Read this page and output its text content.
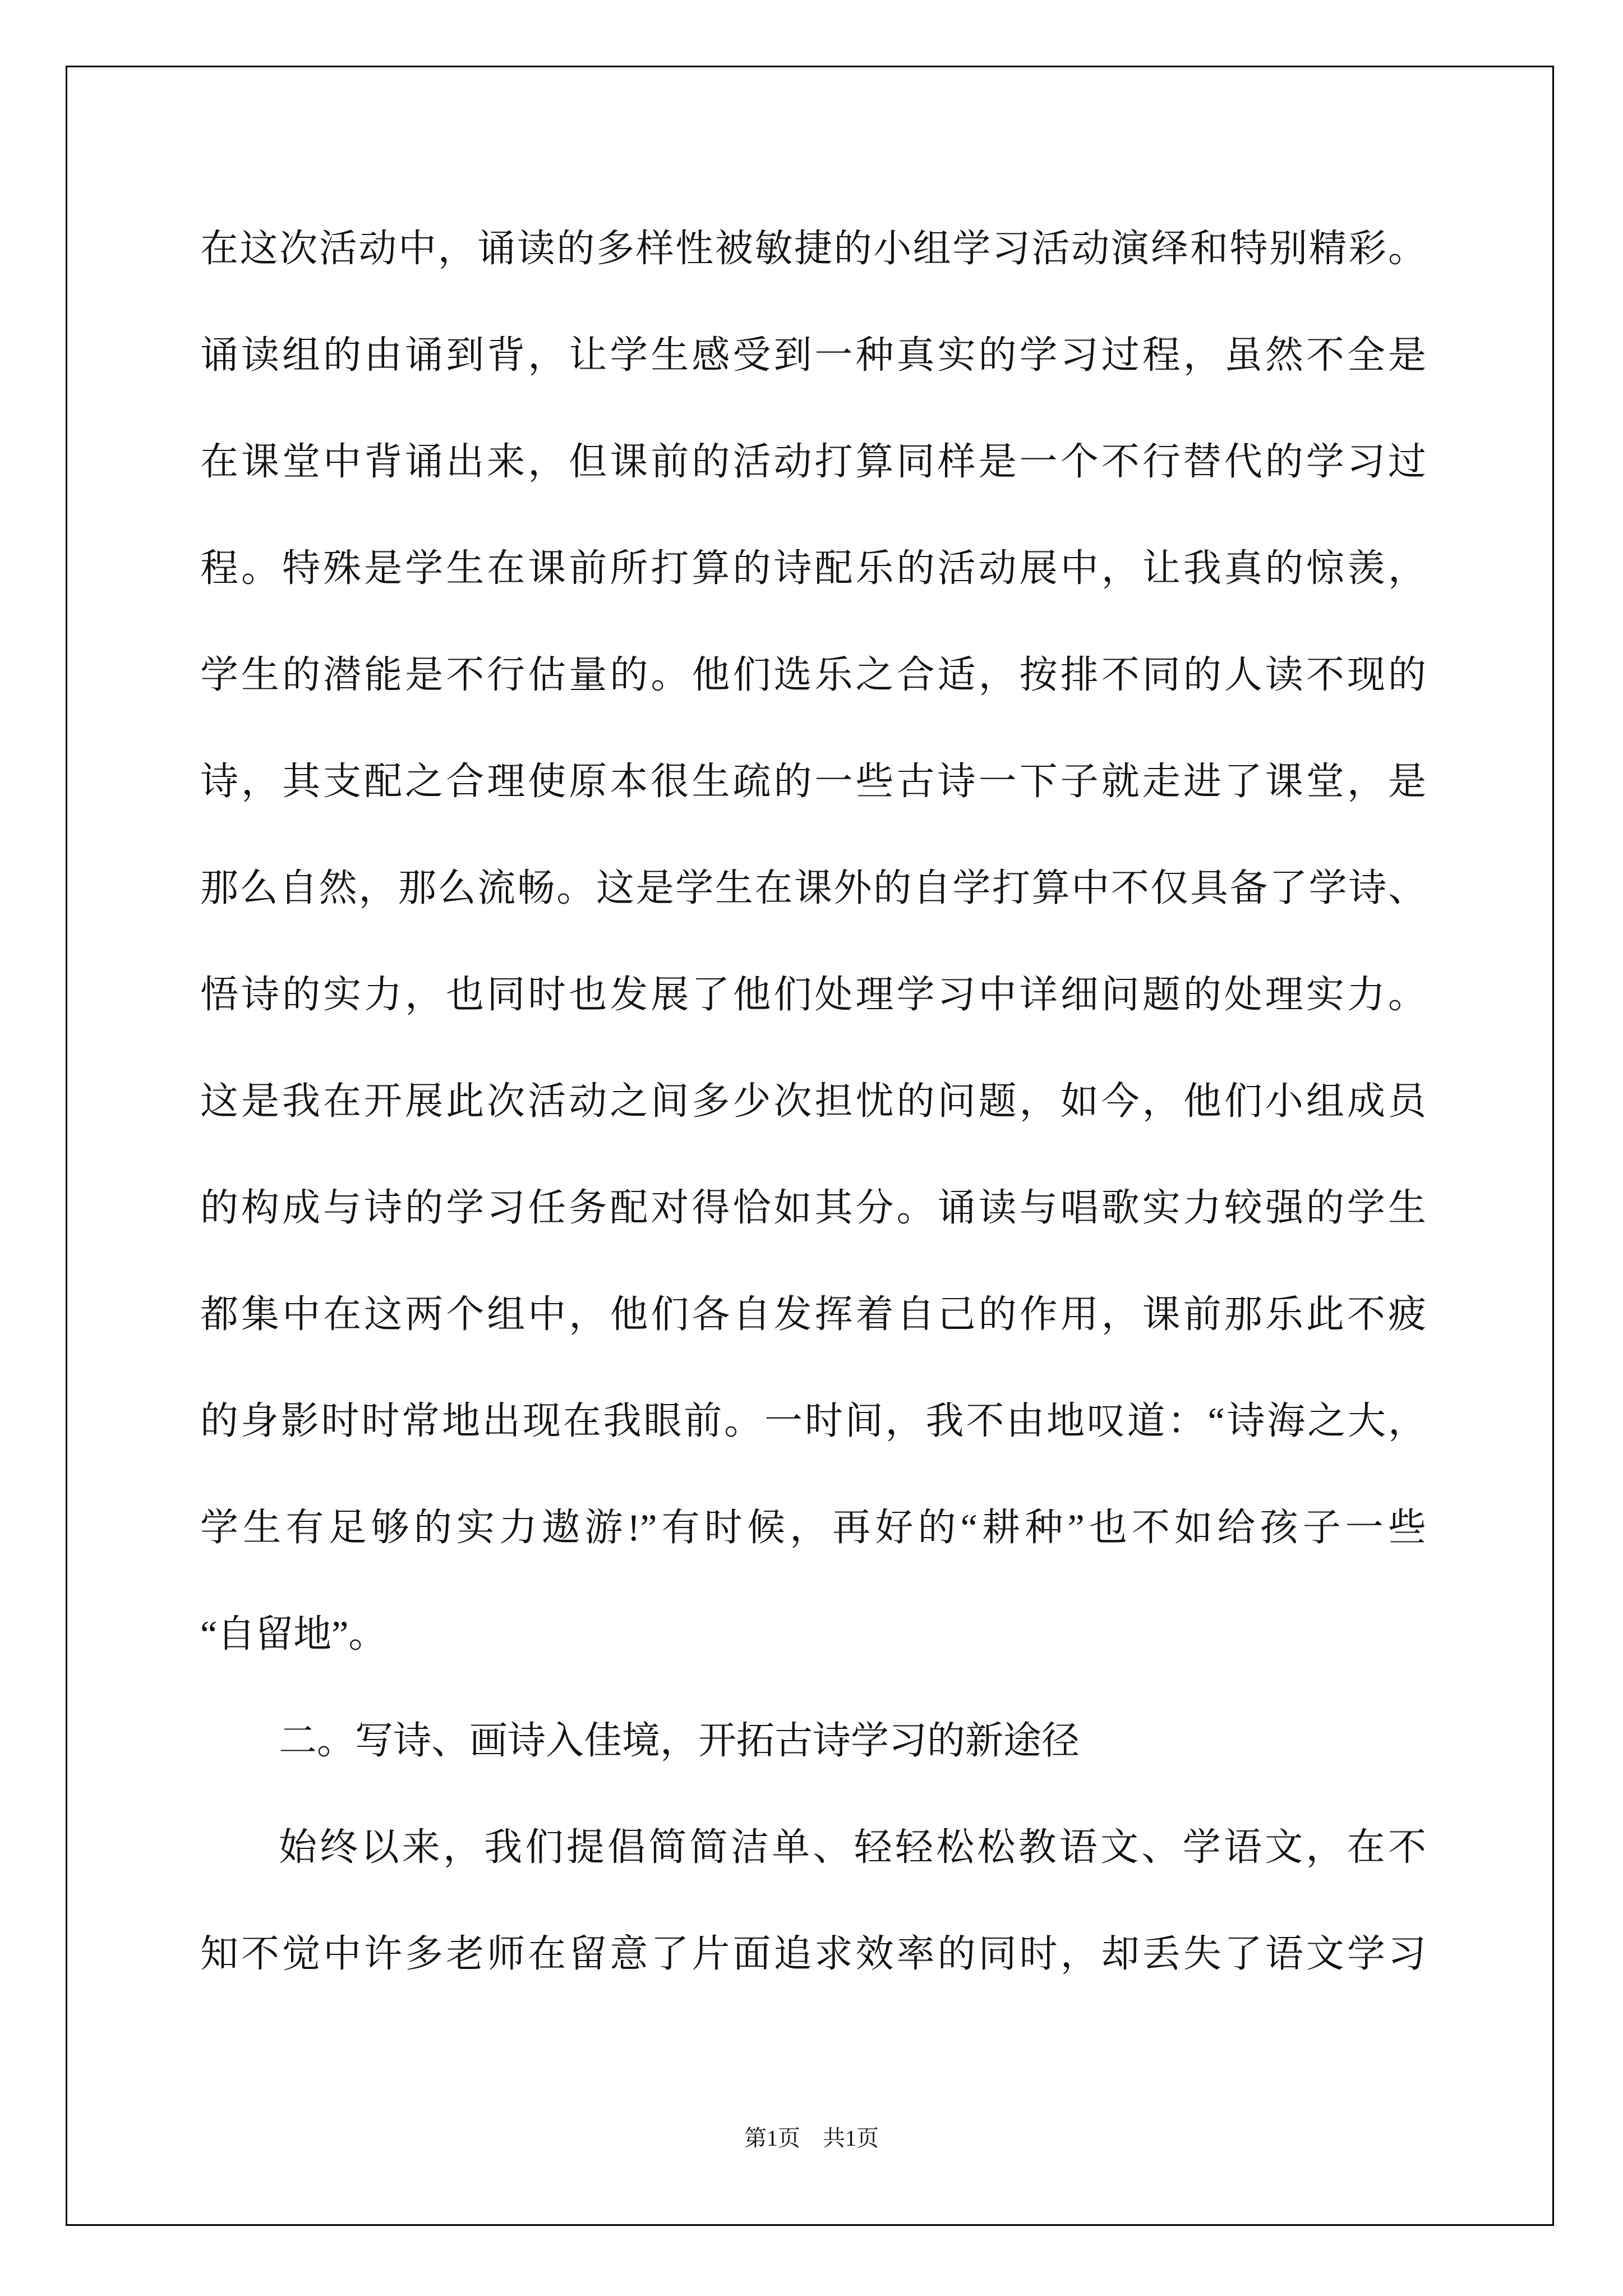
在这次活动中，诵读的多样性被敏捷的小组学习活动演绎和特别精彩。
诵读组的由诵到背，让学生感受到一种真实的学习过程，虽然不全是
在课堂中背诵出来，但课前的活动打算同样是一个不行替代的学习过
程。特殊是学生在课前所打算的诗配乐的活动展中，让我真的惊羡，
学生的潜能是不行估量的。他们选乐之合适，按排不同的人读不现的
诗，其支配之合理使原本很生疏的一些古诗一下子就走进了课堂，是
那么自然，那么流畅。这是学生在课外的自学打算中不仅具备了学诗、
悟诗的实力，也同时也发展了他们处理学习中详细问题的处理实力。
这是我在开展此次活动之间多少次担忧的问题，如今，他们小组成员
的构成与诗的学习任务配对得恰如其分。诵读与唱歌实力较强的学生
都集中在这两个组中，他们各自发挥着自己的作用，课前那乐此不疲
的身影时时常地出现在我眼前。一时间，我不由地叹道：“诗海之大，
学生有足够的实力遨游!”有时候，再好的“耕种”也不如给孩子一些
“自留地”。
二。写诗、画诗入佳境，开拓古诗学习的新途径
始终以来，我们提倡简简洁单、轻轻松松教语文、学语文，在不
知不觉中许多老师在留意了片面追求效率的同时，却丢失了语文学习
第1页 共1页
